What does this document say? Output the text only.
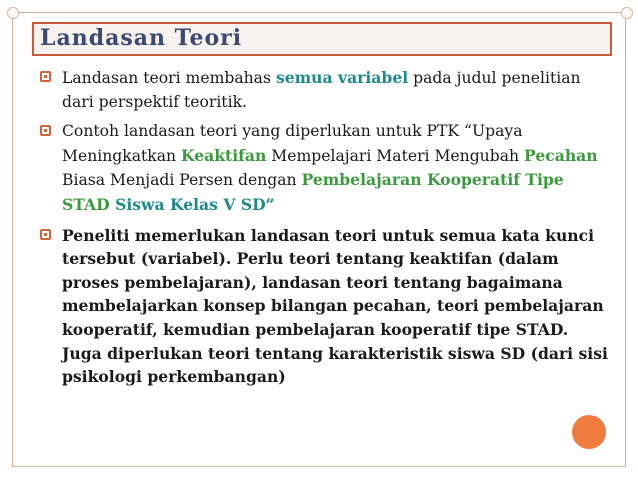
Landasan Teori
Landasan teori membahas semua variabel pada judul penelitian dari perspektif teoritik.
Contoh landasan teori yang diperlukan untuk PTK “Upaya Meningkatkan Keaktifan Mempelajari Materi Mengubah Pecahan Biasa Menjadi Persen dengan Pembelajaran Kooperatif Tipe STAD Siswa Kelas V SD”
Peneliti memerlukan landasan teori untuk semua kata kunci tersebut (variabel). Perlu teori tentang keaktifan (dalam proses pembelajaran), landasan teori tentang bagaimana membelajarkan konsep bilangan pecahan, teori pembelajaran kooperatif, kemudian pembelajaran kooperatif tipe STAD. Juga diperlukan teori tentang karakteristik siswa SD (dari sisi psikologi perkembangan)
